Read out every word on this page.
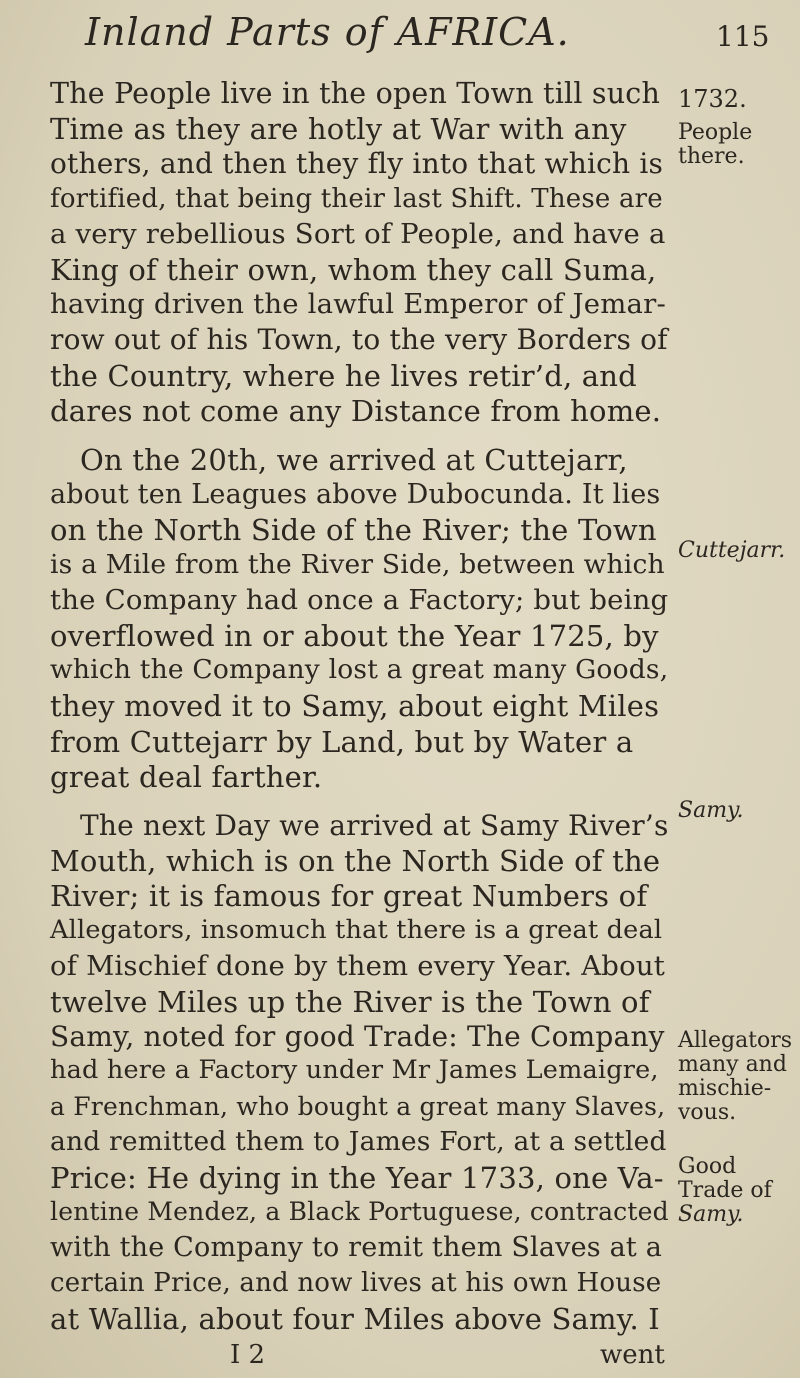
Inland Parts of AFRICA.	115
The People live in the open Town till such
Time as they are hotly at War with any
others, and then they fly into that which is
fortified, that being their last Shift. These are
a very rebellious Sort of People, and have a
King of their own, whom they call Suma,
having driven the lawful Emperor of Jemar-
row out of his Town, to the very Borders of
the Country, where he lives retir’d, and
dares not come any Distance from home.
On the 20th, we arrived at Cuttejarr,
about ten Leagues above Dubocunda. It lies
on the North Side of the River; the Town
is a Mile from the River Side, between which
the Company had once a Factory; but being
overflowed in or about the Year 1725, by
which the Company lost a great many Goods,
they moved it to Samy, about eight Miles
from Cuttejarr by Land, but by Water a
great deal farther.
The next Day we arrived at Samy River’s
Mouth, which is on the North Side of the
River; it is famous for great Numbers of
Allegators, insomuch that there is a great deal
of Mischief done by them every Year. About
twelve Miles up the River is the Town of
Samy, noted for good Trade: The Company
had here a Factory under Mr James Lemaigre,
a Frenchman, who bought a great many Slaves,
and remitted them to James Fort, at a settled
Price: He dying in the Year 1733, one Va-
lentine Mendez, a Black Portuguese, contracted
with the Company to remit them Slaves at a
certain Price, and now lives at his own House
at Wallia, about four Miles above Samy. I
1732.
People
there.
Cuttejarr.
Samy.
Allegators
many and
mischie-
vous.
Good
Trade of
Samy.
I 2	went
